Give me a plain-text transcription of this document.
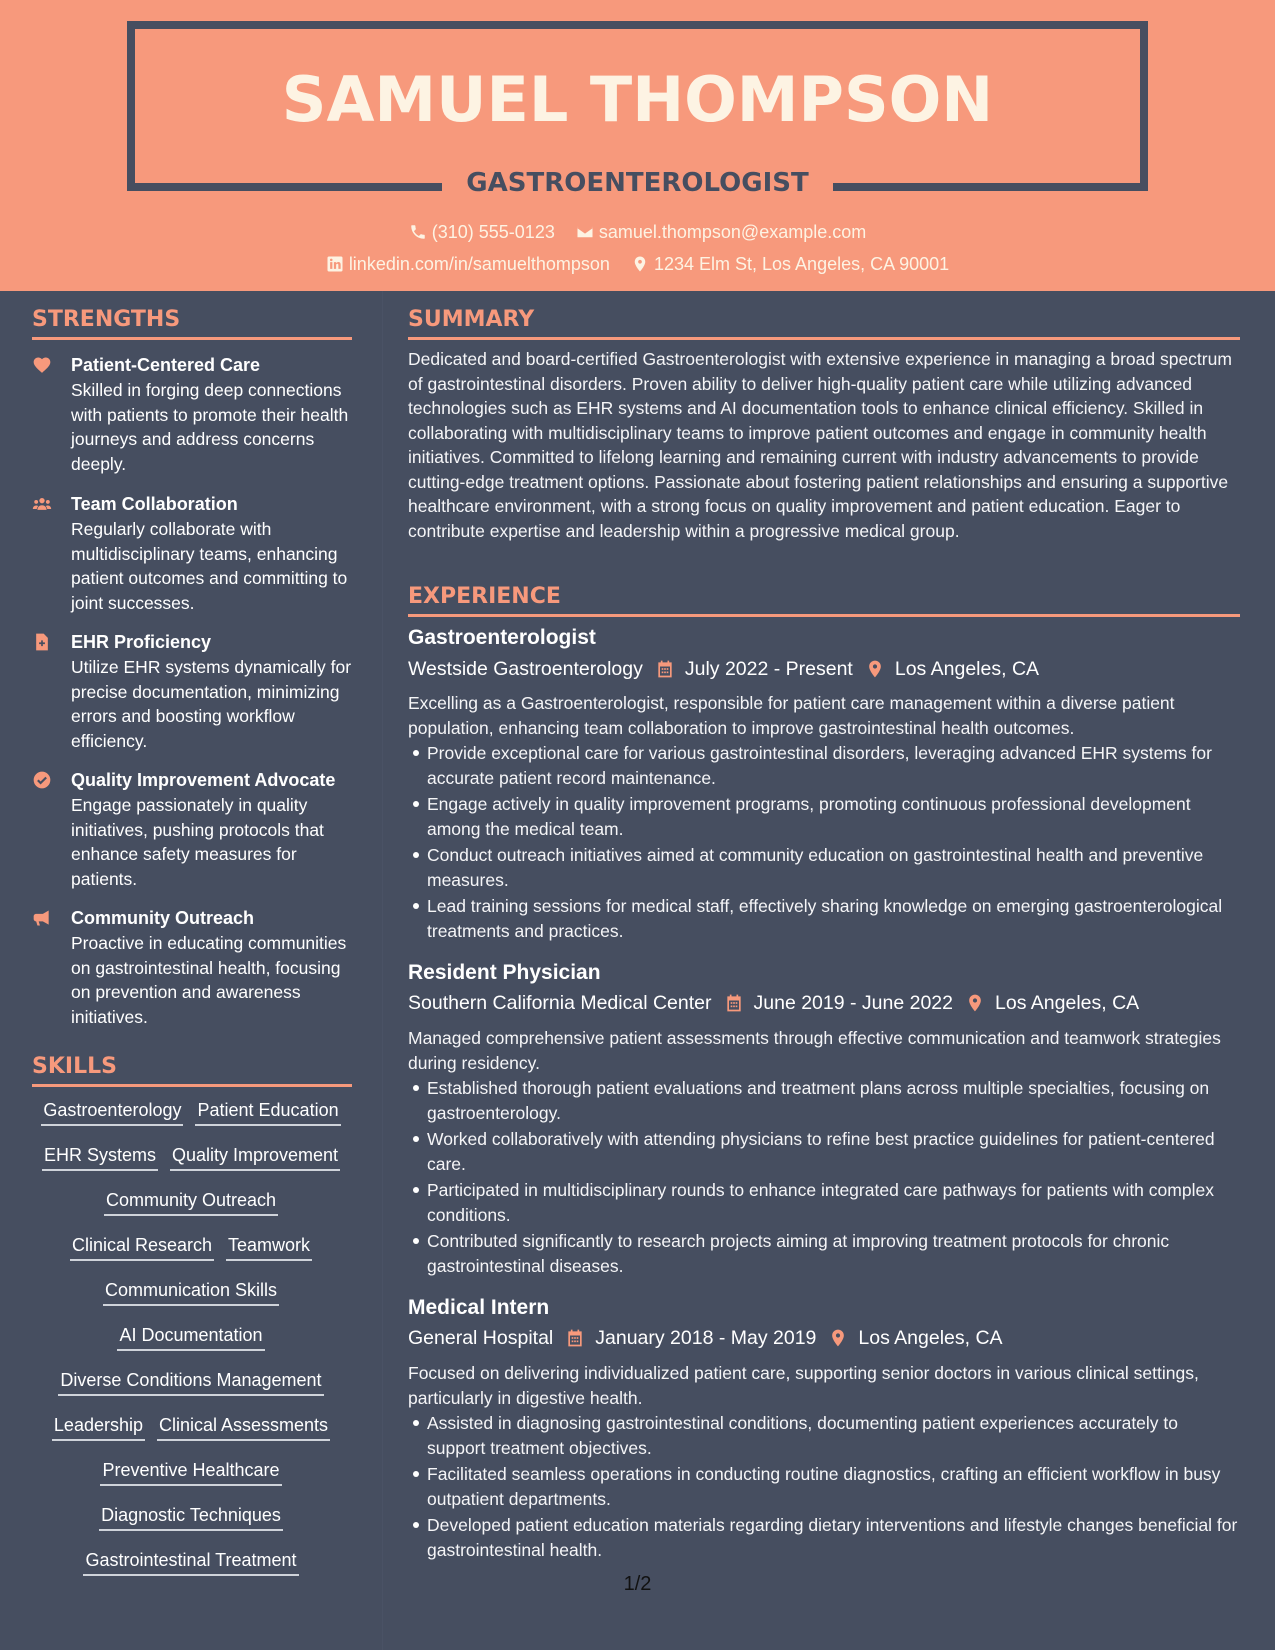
SAMUEL THOMPSON
GASTROENTEROLOGIST
(310) 555-0123
samuel.thompson@example.com
linkedin.com/in/samuelthompson
1234 Elm St, Los Angeles, CA 90001
STRENGTHS
Patient-Centered Care
Skilled in forging deep connections with patients to promote their health journeys and address concerns deeply.
Team Collaboration
Regularly collaborate with multidisciplinary teams, enhancing patient outcomes and committing to joint successes.
EHR Proficiency
Utilize EHR systems dynamically for precise documentation, minimizing errors and boosting workflow efficiency.
Quality Improvement Advocate
Engage passionately in quality initiatives, pushing protocols that enhance safety measures for patients.
Community Outreach
Proactive in educating communities on gastrointestinal health, focusing on prevention and awareness initiatives.
SKILLS
Gastroenterology Patient Education
EHR Systems Quality Improvement
Community Outreach
Clinical Research Teamwork
Communication Skills
AI Documentation
Diverse Conditions Management
Leadership Clinical Assessments
Preventive Healthcare
Diagnostic Techniques
Gastrointestinal Treatment
SUMMARY
Dedicated and board-certified Gastroenterologist with extensive experience in managing a broad spectrum of gastrointestinal disorders. Proven ability to deliver high-quality patient care while utilizing advanced technologies such as EHR systems and AI documentation tools to enhance clinical efficiency. Skilled in collaborating with multidisciplinary teams to improve patient outcomes and engage in community health initiatives. Committed to lifelong learning and remaining current with industry advancements to provide cutting-edge treatment options. Passionate about fostering patient relationships and ensuring a supportive healthcare environment, with a strong focus on quality improvement and patient education. Eager to contribute expertise and leadership within a progressive medical group.
EXPERIENCE
Gastroenterologist
Westside Gastroenterology July 2022 - Present Los Angeles, CA
Excelling as a Gastroenterologist, responsible for patient care management within a diverse patient population, enhancing team collaboration to improve gastrointestinal health outcomes.
Provide exceptional care for various gastrointestinal disorders, leveraging advanced EHR systems for accurate patient record maintenance.
Engage actively in quality improvement programs, promoting continuous professional development among the medical team.
Conduct outreach initiatives aimed at community education on gastrointestinal health and preventive measures.
Lead training sessions for medical staff, effectively sharing knowledge on emerging gastroenterological treatments and practices.
Resident Physician
Southern California Medical Center June 2019 - June 2022 Los Angeles, CA
Managed comprehensive patient assessments through effective communication and teamwork strategies during residency.
Established thorough patient evaluations and treatment plans across multiple specialties, focusing on gastroenterology.
Worked collaboratively with attending physicians to refine best practice guidelines for patient-centered care.
Participated in multidisciplinary rounds to enhance integrated care pathways for patients with complex conditions.
Contributed significantly to research projects aiming at improving treatment protocols for chronic gastrointestinal diseases.
Medical Intern
General Hospital January 2018 - May 2019 Los Angeles, CA
Focused on delivering individualized patient care, supporting senior doctors in various clinical settings, particularly in digestive health.
Assisted in diagnosing gastrointestinal conditions, documenting patient experiences accurately to support treatment objectives.
Facilitated seamless operations in conducting routine diagnostics, crafting an efficient workflow in busy outpatient departments.
Developed patient education materials regarding dietary interventions and lifestyle changes beneficial for gastrointestinal health.
1/2
